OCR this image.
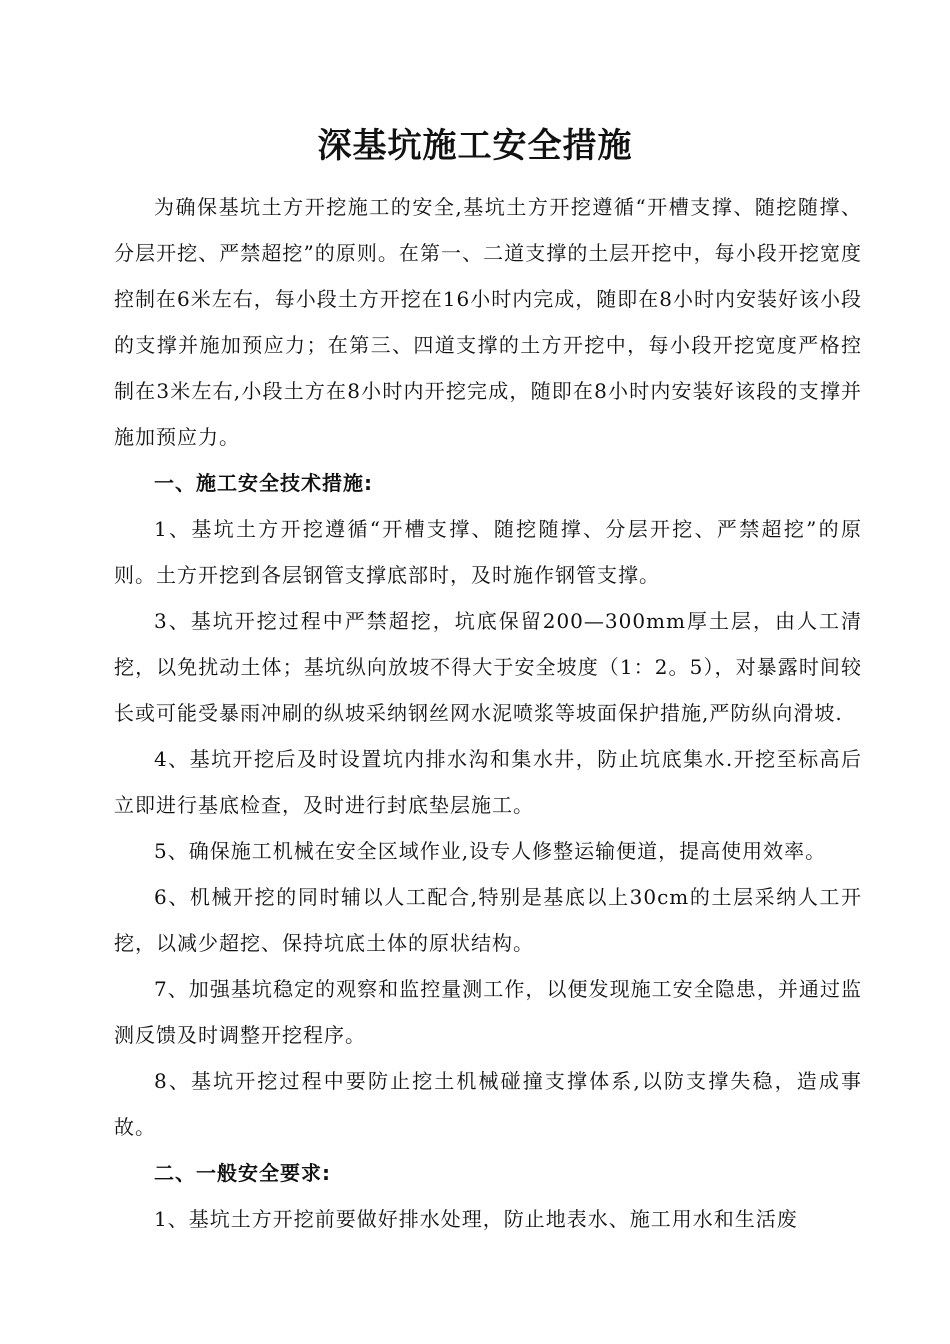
深基坑施工安全措施

为确保基坑土方开挖施工的安全,基坑土方开挖遵循“开槽支撑、随挖随撑、分层开挖、严禁超挖”的原则。在第一、二道支撑的土层开挖中，每小段开挖宽度控制在6米左右，每小段土方开挖在16小时内完成，随即在8小时内安装好该小段的支撑并施加预应力；在第三、四道支撑的土方开挖中，每小段开挖宽度严格控制在3米左右,小段土方在8小时内开挖完成，随即在8小时内安装好该段的支撑并施加预应力。

一、施工安全技术措施:

1、基坑土方开挖遵循“开槽支撑、随挖随撑、分层开挖、严禁超挖”的原则。土方开挖到各层钢管支撑底部时，及时施作钢管支撑。

3、基坑开挖过程中严禁超挖，坑底保留200—300mm厚土层，由人工清挖，以免扰动土体；基坑纵向放坡不得大于安全坡度（1：2。5），对暴露时间较长或可能受暴雨冲刷的纵坡采纳钢丝网水泥喷浆等坡面保护措施,严防纵向滑坡.

4、基坑开挖后及时设置坑内排水沟和集水井，防止坑底集水.开挖至标高后立即进行基底检查，及时进行封底垫层施工。

5、确保施工机械在安全区域作业,设专人修整运输便道，提高使用效率。

6、机械开挖的同时辅以人工配合,特别是基底以上30cm的土层采纳人工开挖，以减少超挖、保持坑底土体的原状结构。

7、加强基坑稳定的观察和监控量测工作，以便发现施工安全隐患，并通过监测反馈及时调整开挖程序。

8、基坑开挖过程中要防止挖土机械碰撞支撑体系,以防支撑失稳，造成事故。

二、一般安全要求:

1、基坑土方开挖前要做好排水处理，防止地表水、施工用水和生活废
